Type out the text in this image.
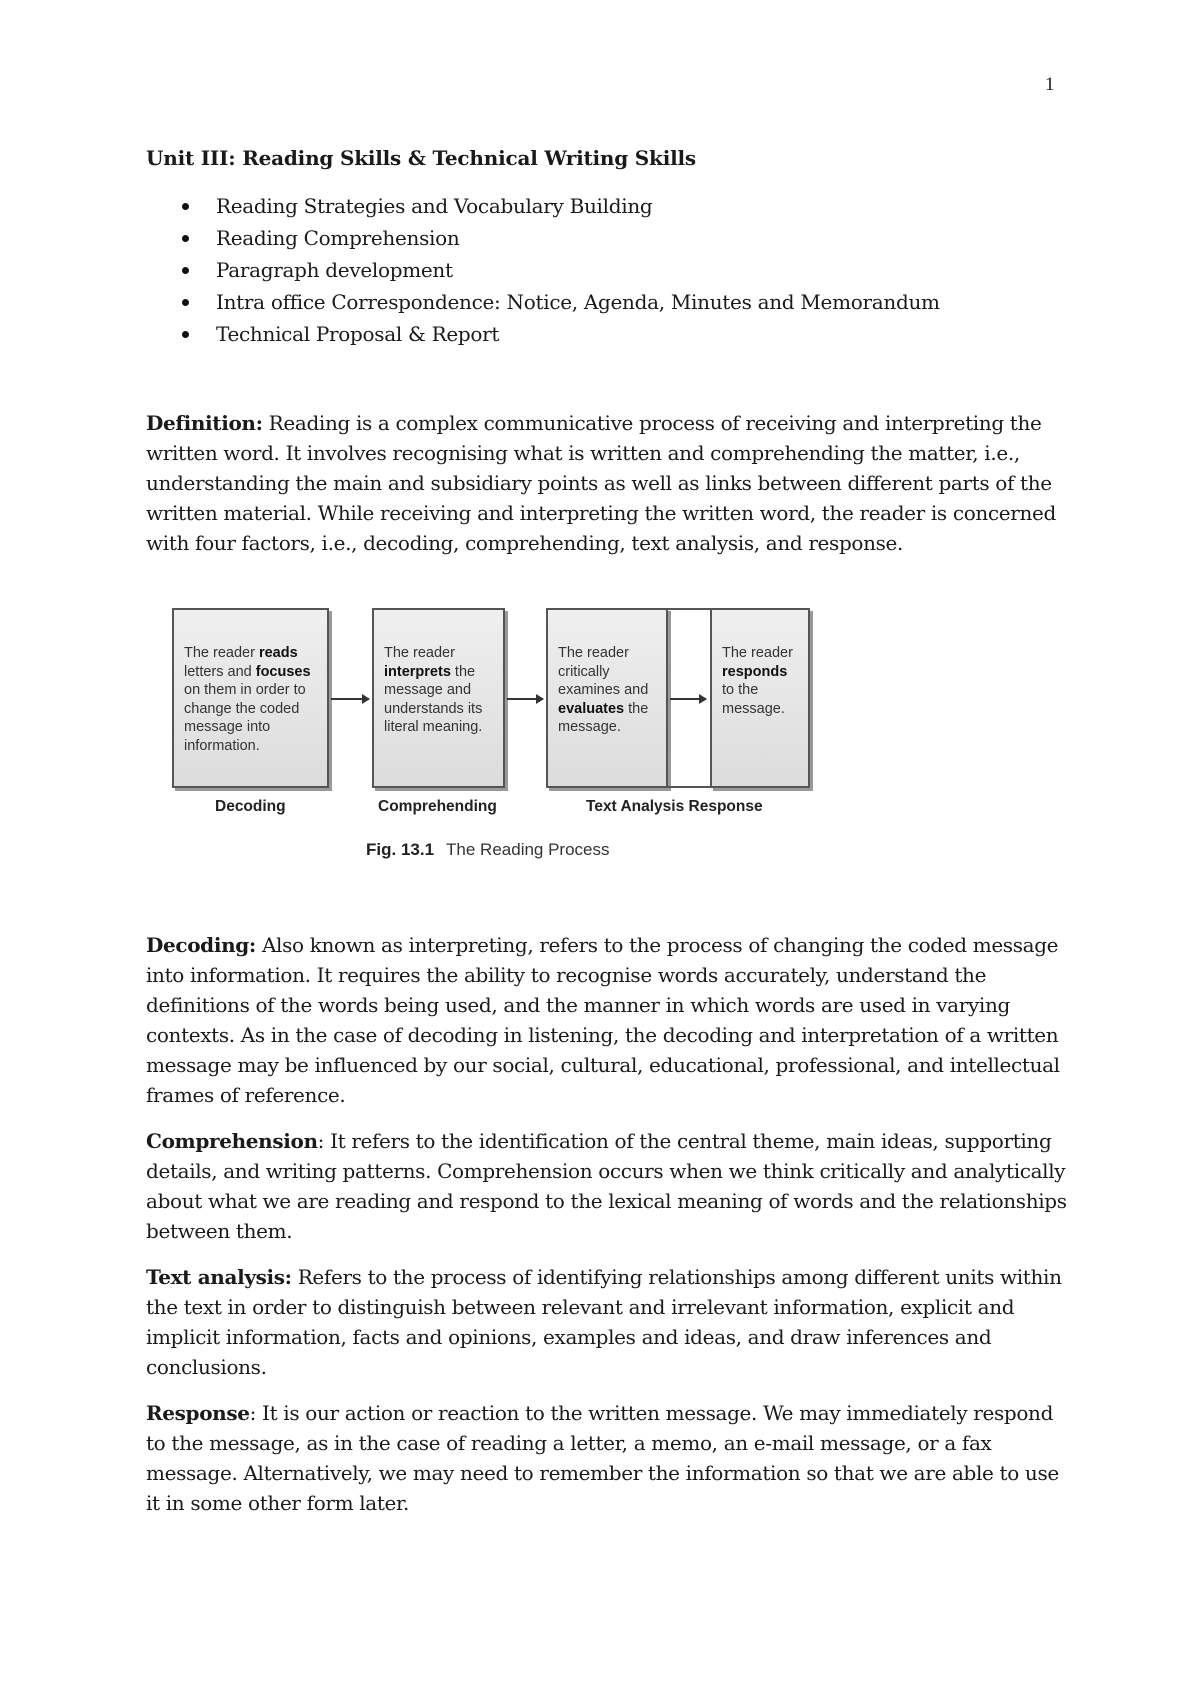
1
Unit III: Reading Skills & Technical Writing Skills
Reading Strategies and Vocabulary Building
Reading Comprehension
Paragraph development
Intra office Correspondence: Notice, Agenda, Minutes and Memorandum
Technical Proposal & Report

Definition: Reading is a complex communicative process of receiving and interpreting the written word. It involves recognising what is written and comprehending the matter, i.e., understanding the main and subsidiary points as well as links between different parts of the written material. While receiving and interpreting the written word, the reader is concerned with four factors, i.e., decoding, comprehending, text analysis, and response.

The reader reads letters and focuses on them in order to change the coded message into information.
The reader interprets the message and understands its literal meaning.
The reader critically examines and evaluates the message.
The reader responds to the message.
Decoding	Comprehending	Text Analysis Response
Fig. 13.1 The Reading Process

Decoding: Also known as interpreting, refers to the process of changing the coded message into information. It requires the ability to recognise words accurately, understand the definitions of the words being used, and the manner in which words are used in varying contexts. As in the case of decoding in listening, the decoding and interpretation of a written message may be influenced by our social, cultural, educational, professional, and intellectual frames of reference.

Comprehension: It refers to the identification of the central theme, main ideas, supporting details, and writing patterns. Comprehension occurs when we think critically and analytically about what we are reading and respond to the lexical meaning of words and the relationships between them.

Text analysis: Refers to the process of identifying relationships among different units within the text in order to distinguish between relevant and irrelevant information, explicit and implicit information, facts and opinions, examples and ideas, and draw inferences and conclusions.

Response: It is our action or reaction to the written message. We may immediately respond to the message, as in the case of reading a letter, a memo, an e-mail message, or a fax message. Alternatively, we may need to remember the information so that we are able to use it in some other form later.
